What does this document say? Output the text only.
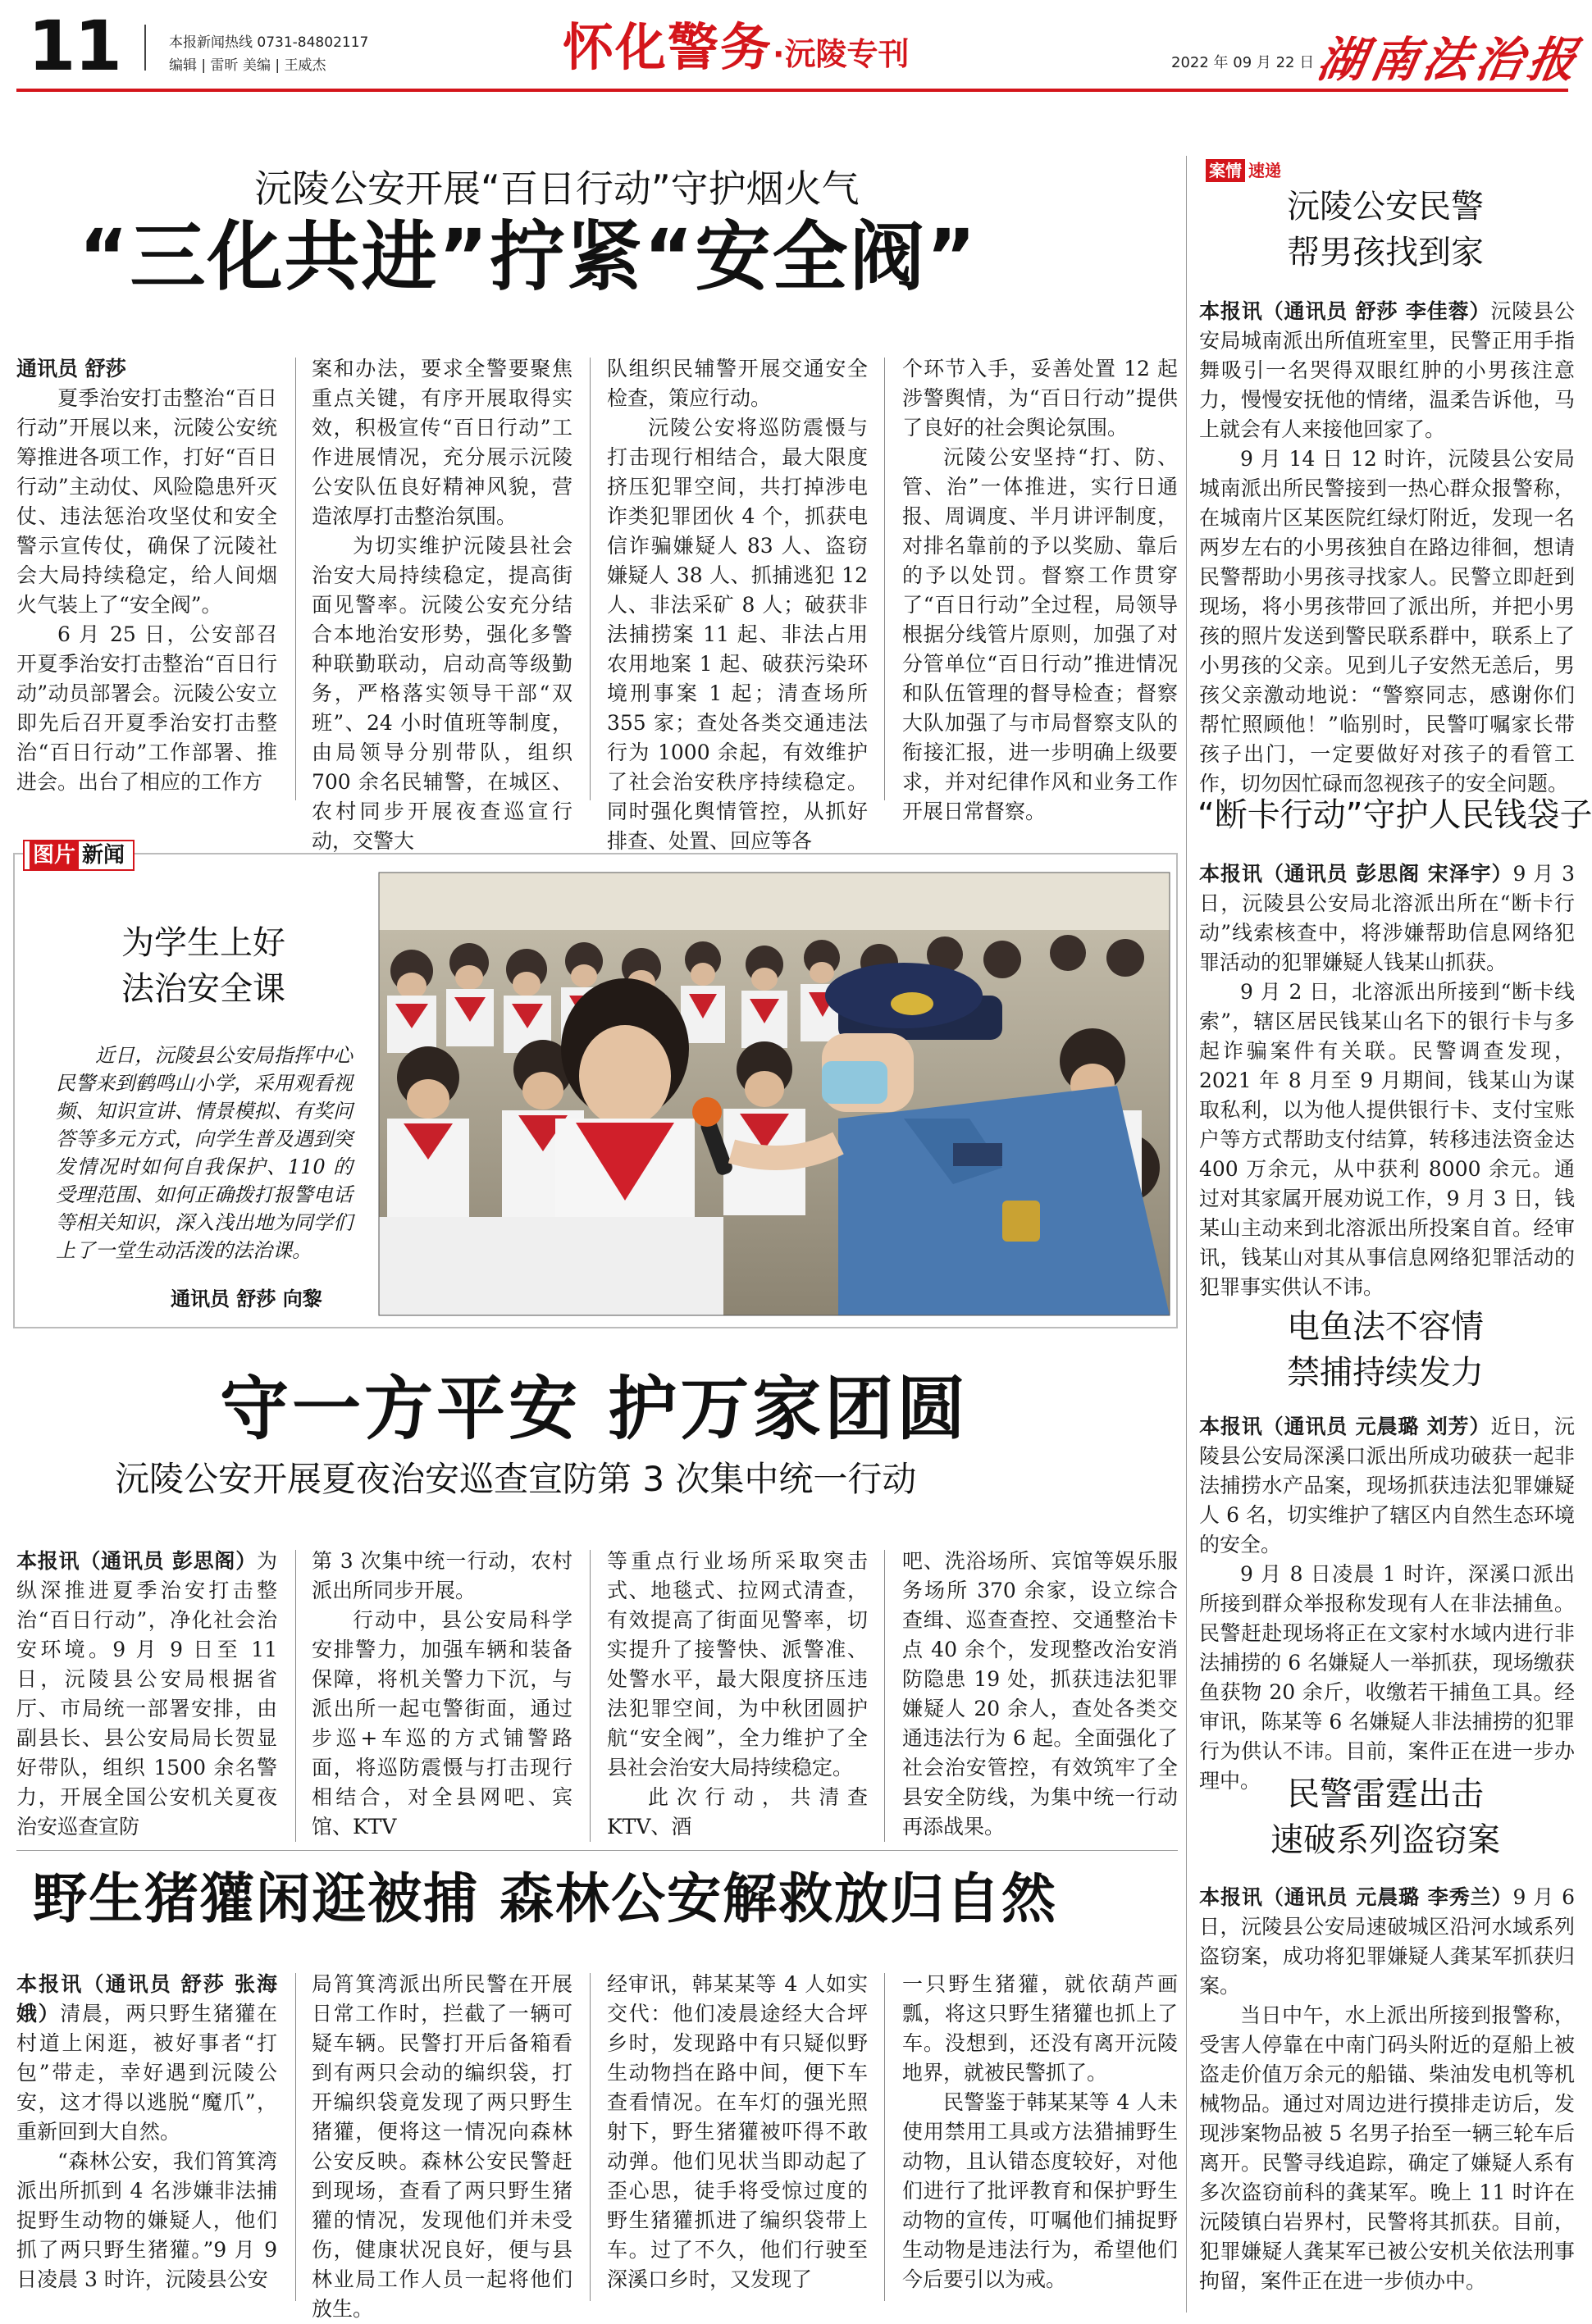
11	本报新闻热线 0731-84802117
编辑 | 雷昕 美编 | 王威杰	怀化警务·沅陵专刊	2022 年 09 月 22 日
湖南法治报
沅陵公安开展“百日行动”守护烟火气
“三化共进”拧紧“安全阀”

通讯员 舒莎

夏季治安打击整治“百日行动”开展以来，沅陵公安统筹推进各项工作，打好“百日行动”主动仗、风险隐患歼灭仗、违法惩治攻坚仗和安全警示宣传仗，确保了沅陵社会大局持续稳定，给人间烟火气装上了“安全阀”。

6 月 25 日，公安部召开夏季治安打击整治“百日行动”动员部署会。沅陵公安立即先后召开夏季治安打击整治“百日行动”工作部署、推进会。出台了相应的工作方

案和办法，要求全警要聚焦重点关键，有序开展取得实效，积极宣传“百日行动”工作进展情况，充分展示沅陵公安队伍良好精神风貌，营造浓厚打击整治氛围。

为切实维护沅陵县社会治安大局持续稳定，提高街面见警率。沅陵公安充分结合本地治安形势，强化多警种联勤联动，启动高等级勤务，严格落实领导干部“双班”、24 小时值班等制度，由局领导分别带队，组织 700 余名民辅警，在城区、农村同步开展夜查巡宣行动，交警大

队组织民辅警开展交通安全检查，策应行动。

沅陵公安将巡防震慑与打击现行相结合，最大限度挤压犯罪空间，共打掉涉电诈类犯罪团伙 4 个，抓获电信诈骗嫌疑人 83 人、盗窃嫌疑人 38 人、抓捕逃犯 12 人、非法采矿 8 人；破获非法捕捞案 11 起、非法占用农用地案 1 起、破获污染环境刑事案 1 起；清查场所 355 家；查处各类交通违法行为 1000 余起，有效维护了社会治安秩序持续稳定。同时强化舆情管控，从抓好排查、处置、回应等各

个环节入手，妥善处置 12 起涉警舆情，为“百日行动”提供了良好的社会舆论氛围。

沅陵公安坚持“打、防、管、治”一体推进，实行日通报、周调度、半月讲评制度，对排名靠前的予以奖励、靠后的予以处罚。督察工作贯穿了“百日行动”全过程，局领导根据分线管片原则，加强了对分管单位“百日行动”推进情况和队伍管理的督导检查；督察大队加强了与市局督察支队的衔接汇报，进一步明确上级要求，并对纪律作风和业务工作开展日常督察。

图片 新闻
为学生上好
法治安全课
近日，沅陵县公安局指挥中心民警来到鹤鸣山小学，采用观看视频、知识宣讲、情景模拟、有奖问答等多元方式，向学生普及遇到突发情况时如何自我保护、110 的受理范围、如何正确拨打报警电话等相关知识，深入浅出地为同学们上了一堂生动活泼的法治课。
通讯员 舒莎 向黎
守一方平安 护万家团圆
沅陵公安开展夏夜治安巡查宣防第 3 次集中统一行动

本报讯（通讯员 彭思阁）为纵深推进夏季治安打击整治“百日行动”，净化社会治安环境。9 月 9 日至 11 日，沅陵县公安局根据省厅、市局统一部署安排，由副县长、县公安局局长贺显好带队，组织 1500 余名警力，开展全国公安机关夏夜治安巡查宣防

第 3 次集中统一行动，农村派出所同步开展。

行动中，县公安局科学安排警力，加强车辆和装备保障，将机关警力下沉，与派出所一起屯警街面，通过步巡+车巡的方式铺警路面，将巡防震慑与打击现行相结合，对全县网吧、宾馆、KTV

等重点行业场所采取突击式、地毯式、拉网式清查，有效提高了街面见警率，切实提升了接警快、派警准、处警水平，最大限度挤压违法犯罪空间，为中秋团圆护航“安全阀”，全力维护了全县社会治安大局持续稳定。

此次行动，共清查 KTV、酒

吧、洗浴场所、宾馆等娱乐服务场所 370 余家，设立综合查缉、巡查查控、交通整治卡点 40 余个，发现整改治安消防隐患 19 处，抓获违法犯罪嫌疑人 20 余人，查处各类交通违法行为 6 起。全面强化了社会治安管控，有效筑牢了全县安全防线，为集中统一行动再添战果。

野生猪獾闲逛被捕 森林公安解救放归自然

本报讯（通讯员 舒莎 张海娥）清晨，两只野生猪獾在村道上闲逛，被好事者“打包”带走，幸好遇到沅陵公安，这才得以逃脱“魔爪”，重新回到大自然。

“森林公安，我们筲箕湾派出所抓到 4 名涉嫌非法捕捉野生动物的嫌疑人，他们抓了两只野生猪獾。”9 月 9 日凌晨 3 时许，沅陵县公安

局筲箕湾派出所民警在开展日常工作时，拦截了一辆可疑车辆。民警打开后备箱看到有两只会动的编织袋，打开编织袋竟发现了两只野生猪獾，便将这一情况向森林公安反映。森林公安民警赶到现场，查看了两只野生猪獾的情况，发现他们并未受伤，健康状况良好，便与县林业局工作人员一起将他们放生。

经审讯，韩某某等 4 人如实交代：他们凌晨途经大合坪乡时，发现路中有只疑似野生动物挡在路中间，便下车查看情况。在车灯的强光照射下，野生猪獾被吓得不敢动弹。他们见状当即动起了歪心思，徒手将受惊过度的野生猪獾抓进了编织袋带上车。过了不久，他们行驶至深溪口乡时，又发现了

一只野生猪獾，就依葫芦画瓢，将这只野生猪獾也抓上了车。没想到，还没有离开沅陵地界，就被民警抓了。

民警鉴于韩某某等 4 人未使用禁用工具或方法猎捕野生动物，且认错态度较好，对他们进行了批评教育和保护野生动物的宣传，叮嘱他们捕捉野生动物是违法行为，希望他们今后要引以为戒。

案情 速递
沅陵公安民警
帮男孩找到家

本报讯（通讯员 舒莎 李佳蓉）沅陵县公安局城南派出所值班室里，民警正用手指舞吸引一名哭得双眼红肿的小男孩注意力，慢慢安抚他的情绪，温柔告诉他，马上就会有人来接他回家了。

9 月 14 日 12 时许，沅陵县公安局城南派出所民警接到一热心群众报警称，在城南片区某医院红绿灯附近，发现一名两岁左右的小男孩独自在路边徘徊，想请民警帮助小男孩寻找家人。民警立即赶到现场，将小男孩带回了派出所，并把小男孩的照片发送到警民联系群中，联系上了小男孩的父亲。见到儿子安然无恙后，男孩父亲激动地说：“警察同志，感谢你们帮忙照顾他！”临别时，民警叮嘱家长带孩子出门，一定要做好对孩子的看管工作，切勿因忙碌而忽视孩子的安全问题。

“断卡行动”守护人民钱袋子

本报讯（通讯员 彭思阁 宋泽宇）9 月 3 日，沅陵县公安局北溶派出所在“断卡行动”线索核查中，将涉嫌帮助信息网络犯罪活动的犯罪嫌疑人钱某山抓获。

9 月 2 日，北溶派出所接到“断卡线索”，辖区居民钱某山名下的银行卡与多起诈骗案件有关联。民警调查发现，2021 年 8 月至 9 月期间，钱某山为谋取私利，以为他人提供银行卡、支付宝账户等方式帮助支付结算，转移违法资金达 400 万余元，从中获利 8000 余元。通过对其家属开展劝说工作，9 月 3 日，钱某山主动来到北溶派出所投案自首。经审讯，钱某山对其从事信息网络犯罪活动的犯罪事实供认不讳。

电鱼法不容情
禁捕持续发力

本报讯（通讯员 元晨璐 刘芳）近日，沅陵县公安局深溪口派出所成功破获一起非法捕捞水产品案，现场抓获违法犯罪嫌疑人 6 名，切实维护了辖区内自然生态环境的安全。

9 月 8 日凌晨 1 时许，深溪口派出所接到群众举报称发现有人在非法捕鱼。民警赶赴现场将正在文家村水域内进行非法捕捞的 6 名嫌疑人一举抓获，现场缴获鱼获物 20 余斤，收缴若干捕鱼工具。经审讯，陈某等 6 名嫌疑人非法捕捞的犯罪行为供认不讳。目前，案件正在进一步办理中。 民警雷霆出击
速破系列盗窃案

本报讯（通讯员 元晨璐 李秀兰）9 月 6 日，沅陵县公安局速破城区沿河水域系列盗窃案，成功将犯罪嫌疑人龚某军抓获归案。

当日中午，水上派出所接到报警称，受害人停靠在中南门码头附近的趸船上被盗走价值万余元的船锚、柴油发电机等机械物品。通过对周边进行摸排走访后，发现涉案物品被 5 名男子抬至一辆三轮车后离开。民警寻线追踪，确定了嫌疑人系有多次盗窃前科的龚某军。晚上 11 时许在沅陵镇白岩界村，民警将其抓获。目前，犯罪嫌疑人龚某军已被公安机关依法刑事拘留，案件正在进一步侦办中。
